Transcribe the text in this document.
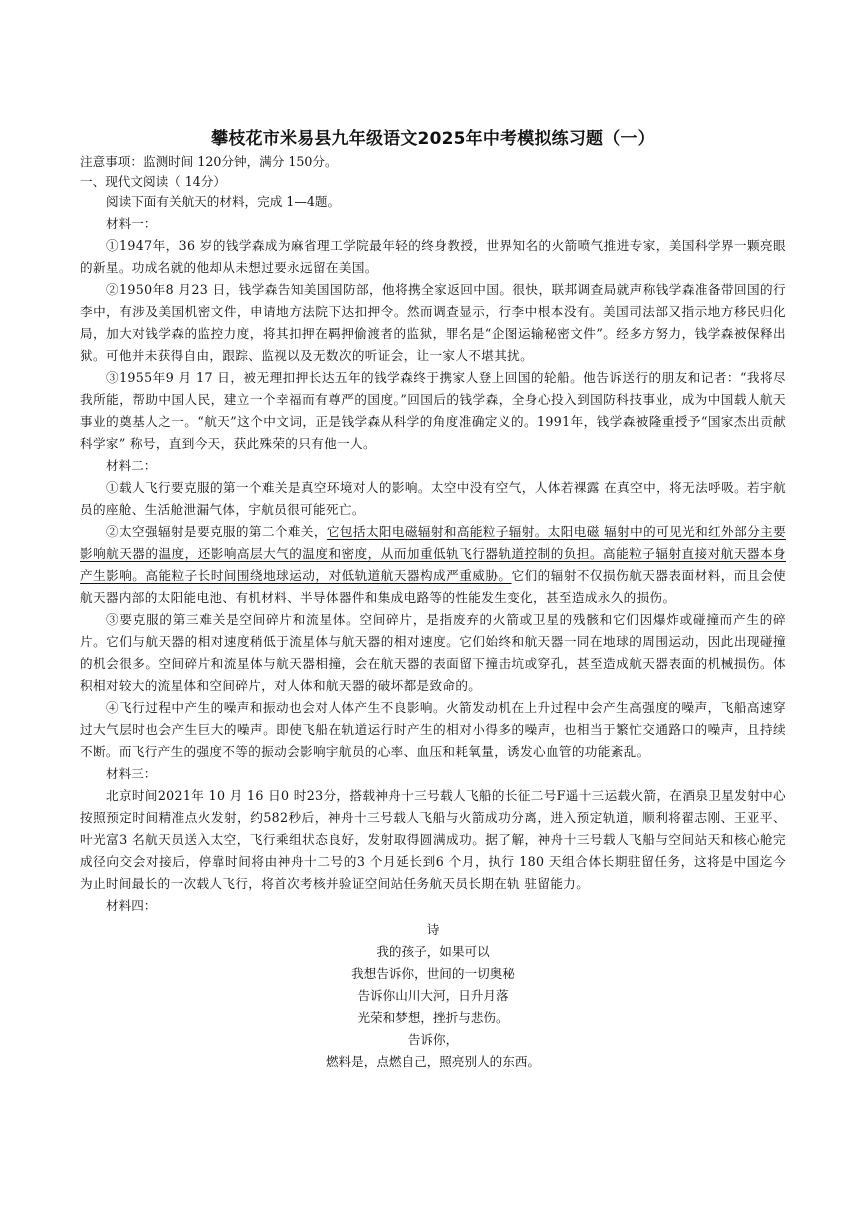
攀枝花市米易县九年级语文2025年中考模拟练习题（一）

注意事项：监测时间 120分钟，满分 150分。

一、现代文阅读（ 14分）

阅读下面有关航天的材料，完成 1—4题。

材料一：

①1947年，36 岁的钱学森成为麻省理工学院最年轻的终身教授，世界知名的火箭喷气推进专家，美国科学界一颗亮眼的新星。功成名就的他却从未想过要永远留在美国。

②1950年8 月23 日，钱学森告知美国国防部，他将携全家返回中国。很快，联邦调查局就声称钱学森准备带回国的行李中，有涉及美国机密文件，申请地方法院下达扣押令。然而调查显示，行李中根本没有。美国司法部又指示地方移民归化局，加大对钱学森的监控力度，将其扣押在羁押偷渡者的监狱，罪名是“企图运输秘密文件”。经多方努力，钱学森被保释出狱。可他并未获得自由，跟踪、监视以及无数次的听证会，让一家人不堪其扰。

③1955年9 月 17 日，被无理扣押长达五年的钱学森终于携家人登上回国的轮船。他告诉送行的朋友和记者：“我将尽我所能，帮助中国人民，建立一个幸福而有尊严的国度。”回国后的钱学森，全身心投入到国防科技事业，成为中国载人航天事业的奠基人之一。“航天”这个中文词，正是钱学森从科学的角度准确定义的。1991年，钱学森被隆重授予“国家杰出贡献科学家” 称号，直到今天，获此殊荣的只有他一人。

材料二：

①载人飞行要克服的第一个难关是真空环境对人的影响。太空中没有空气，人体若裸露 在真空中，将无法呼吸。若宇航员的座舱、生活舱泄漏气体，宇航员很可能死亡。

②太空强辐射是要克服的第二个难关，它包括太阳电磁辐射和高能粒子辐射。太阳电磁 辐射中的可见光和红外部分主要影响航天器的温度，还影响高层大气的温度和密度，从而加重低轨飞行器轨道控制的负担。高能粒子辐射直接对航天器本身产生影响。高能粒子长时间围绕地球运动，对低轨道航天器构成严重威胁。它们的辐射不仅损伤航天器表面材料，而且会使航天器内部的太阳能电池、有机材料、半导体器件和集成电路等的性能发生变化，甚至造成永久的损伤。

③要克服的第三难关是空间碎片和流星体。空间碎片，是指废弃的火箭或卫星的残骸和它们因爆炸或碰撞而产生的碎片。它们与航天器的相对速度稍低于流星体与航天器的相对速度。它们始终和航天器一同在地球的周围运动，因此出现碰撞的机会很多。空间碎片和流星体与航天器相撞，会在航天器的表面留下撞击坑或穿孔，甚至造成航天器表面的机械损伤。体积相对较大的流星体和空间碎片，对人体和航天器的破坏都是致命的。

④飞行过程中产生的噪声和振动也会对人体产生不良影响。火箭发动机在上升过程中会产生高强度的噪声，飞船高速穿过大气层时也会产生巨大的噪声。即使飞船在轨道运行时产生的相对小得多的噪声，也相当于繁忙交通路口的噪声，且持续不断。而飞行产生的强度不等的振动会影响宇航员的心率、血压和耗氧量，诱发心血管的功能紊乱。

材料三：

北京时间2021年 10 月 16 日0 时23分，搭载神舟十三号载人飞船的长征二号F遥十三运载火箭，在酒泉卫星发射中心按照预定时间精准点火发射，约582秒后，神舟十三号载人飞船与火箭成功分离，进入预定轨道，顺利将翟志刚、王亚平、叶光富3 名航天员送入太空，飞行乘组状态良好，发射取得圆满成功。据了解，神舟十三号载人飞船与空间站天和核心舱完成径向交会对接后，停靠时间将由神舟十二号的3 个月延长到6 个月，执行 180 天组合体长期驻留任务，这将是中国迄今为止时间最长的一次载人飞行，将首次考核并验证空间站任务航天员长期在轨 驻留能力。

材料四：

诗

我的孩子，如果可以

我想告诉你，世间的一切奥秘

告诉你山川大河，日升月落

光荣和梦想，挫折与悲伤。

告诉你，

燃料是，点燃自己，照亮别人的东西。
